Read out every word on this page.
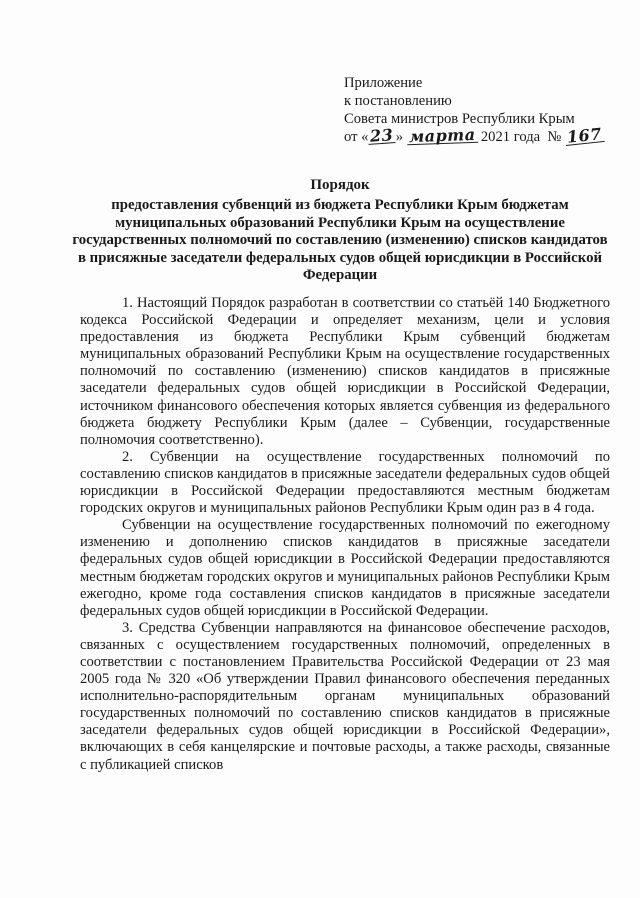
Приложение
к постановлению
Совета министров Республики Крым
от «23» марта 2021 года № 167
Порядок
предоставления субвенций из бюджета Республики Крым бюджетам муниципальных образований Республики Крым на осуществление государственных полномочий по составлению (изменению) списков кандидатов в присяжные заседатели федеральных судов общей юрисдикции в Российской Федерации

1. Настоящий Порядок разработан в соответствии со статьёй 140 Бюджетного кодекса Российской Федерации и определяет механизм, цели и условия предоставления из бюджета Республики Крым субвенций бюджетам муниципальных образований Республики Крым на осуществление государственных полномочий по составлению (изменению) списков кандидатов в присяжные заседатели федеральных судов общей юрисдикции в Российской Федерации, источником финансового обеспечения которых является субвенция из федерального бюджета бюджету Республики Крым (далее – Субвенции, государственные полномочия соответственно).

2. Субвенции на осуществление государственных полномочий по составлению списков кандидатов в присяжные заседатели федеральных судов общей юрисдикции в Российской Федерации предоставляются местным бюджетам городских округов и муниципальных районов Республики Крым один раз в 4 года.

Субвенции на осуществление государственных полномочий по ежегодному изменению и дополнению списков кандидатов в присяжные заседатели федеральных судов общей юрисдикции в Российской Федерации предоставляются местным бюджетам городских округов и муниципальных районов Республики Крым ежегодно, кроме года составления списков кандидатов в присяжные заседатели федеральных судов общей юрисдикции в Российской Федерации.

3. Средства Субвенции направляются на финансовое обеспечение расходов, связанных с осуществлением государственных полномочий, определенных в соответствии с постановлением Правительства Российской Федерации от 23 мая 2005 года № 320 «Об утверждении Правил финансового обеспечения переданных исполнительно-распорядительным органам муниципальных образований государственных полномочий по составлению списков кандидатов в присяжные заседатели федеральных судов общей юрисдикции в Российской Федерации», включающих в себя канцелярские и почтовые расходы, а также расходы, связанные с публикацией списков
